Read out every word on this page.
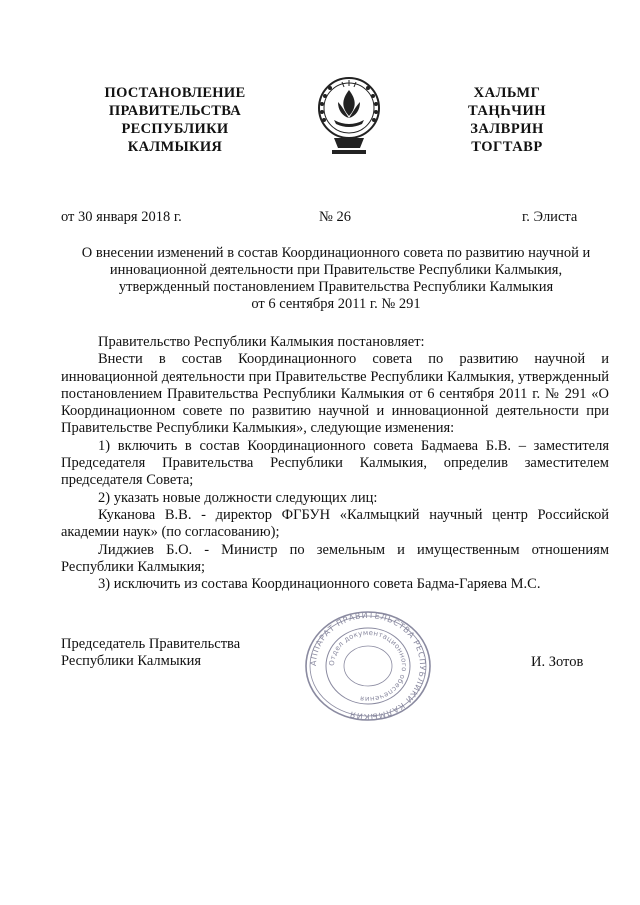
ПОСТАНОВЛЕНИЕ
ПРАВИТЕЛЬСТВА
РЕСПУБЛИКИ
КАЛМЫКИЯ
ХАЛЬМГ
ТАҢҺЧИН
ЗАЛВРИН
ТОГТАВР
от 30 января 2018 г.	№ 26	г. Элиста
О внесении изменений в состав Координационного совета по развитию научной и
инновационной деятельности при Правительстве Республики Калмыкия,
утвержденный постановлением Правительства Республики Калмыкия
от 6 сентября 2011 г. № 291

Правительство Республики Калмыкия постановляет:

Внести в состав Координационного совета по развитию научной и инновационной деятельности при Правительстве Республики Калмыкия, утвержденный постановлением Правительства Республики Калмыкия от 6 сентября 2011 г. № 291 «О Координационном совете по развитию научной и инновационной деятельности при Правительстве Республики Калмыкия», следующие изменения:

1) включить в состав Координационного совета Бадмаева Б.В. – заместителя Председателя Правительства Республики Калмыкия, определив заместителем председателя Совета;

2) указать новые должности следующих лиц:

Куканова В.В. - директор ФГБУН «Калмыцкий научный центр Российской академии наук» (по согласованию);

Лиджиев Б.О. - Министр по земельным и имущественным отношениям Республики Калмыкия;

3) исключить из состава Координационного совета Бадма-Гаряева М.С.

Председатель Правительства
Республики Калмыкия	АППАРАТ ПРАВИТЕЛЬСТВА РЕСПУБЛИКИ КАЛМЫКИЯ
Отдел документационного обеспечения
И. Зотов
